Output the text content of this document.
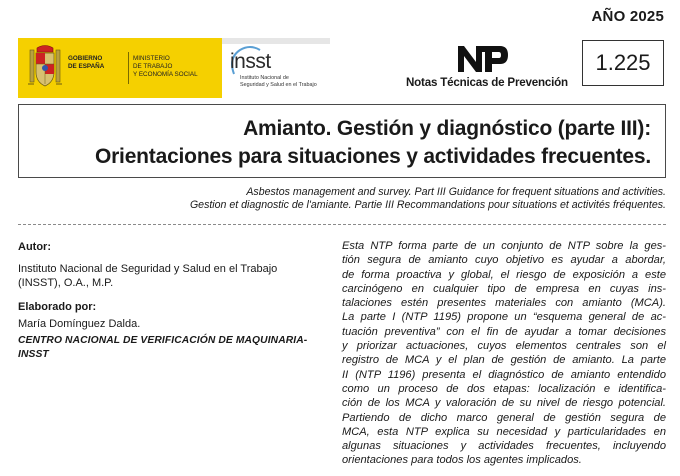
AÑO 2025
GOBIERNO
DE ESPAÑA
MINISTERIO
DE TRABAJO
Y ECONOMÍA SOCIAL
insst
Instituto Nacional de
Seguridad y Salud en el Trabajo	Notas Técnicas de Prevención
1.225
Amianto. Gestión y diagnóstico (parte III):
Orientaciones para situaciones y actividades frecuentes.
Asbestos management and survey. Part III Guidance for frequent situations and activities.
Gestion et diagnostic de l'amiante. Partie III Recommandations pour situations et activités fréquentes.
Autor:
Instituto Nacional de Seguridad y Salud en el Trabajo
(INSST), O.A., M.P.
Elaborado por:
María Domínguez Dalda.
CENTRO NACIONAL DE VERIFICACIÓN DE MAQUINARIA-
INSST
Esta NTP forma parte de un conjunto de NTP sobre la ges-
tión segura de amianto cuyo objetivo es ayudar a abordar,
de forma proactiva y global, el riesgo de exposición a este
carcinógeno en cualquier tipo de empresa en cuyas ins-
talaciones estén presentes materiales con amianto (MCA).
La parte I (NTP 1195) propone un “esquema general de ac-
tuación preventiva” con el fin de ayudar a tomar decisiones
y priorizar actuaciones, cuyos elementos centrales son el
registro de MCA y el plan de gestión de amianto. La parte
II (NTP 1196) presenta el diagnóstico de amianto entendido
como un proceso de dos etapas: localización e identifica-
ción de los MCA y valoración de su nivel de riesgo potencial.
Partiendo de dicho marco general de gestión segura de
MCA, esta NTP explica su necesidad y particularidades en
algunas situaciones y actividades frecuentes, incluyendo
orientaciones para todos los agentes implicados.
